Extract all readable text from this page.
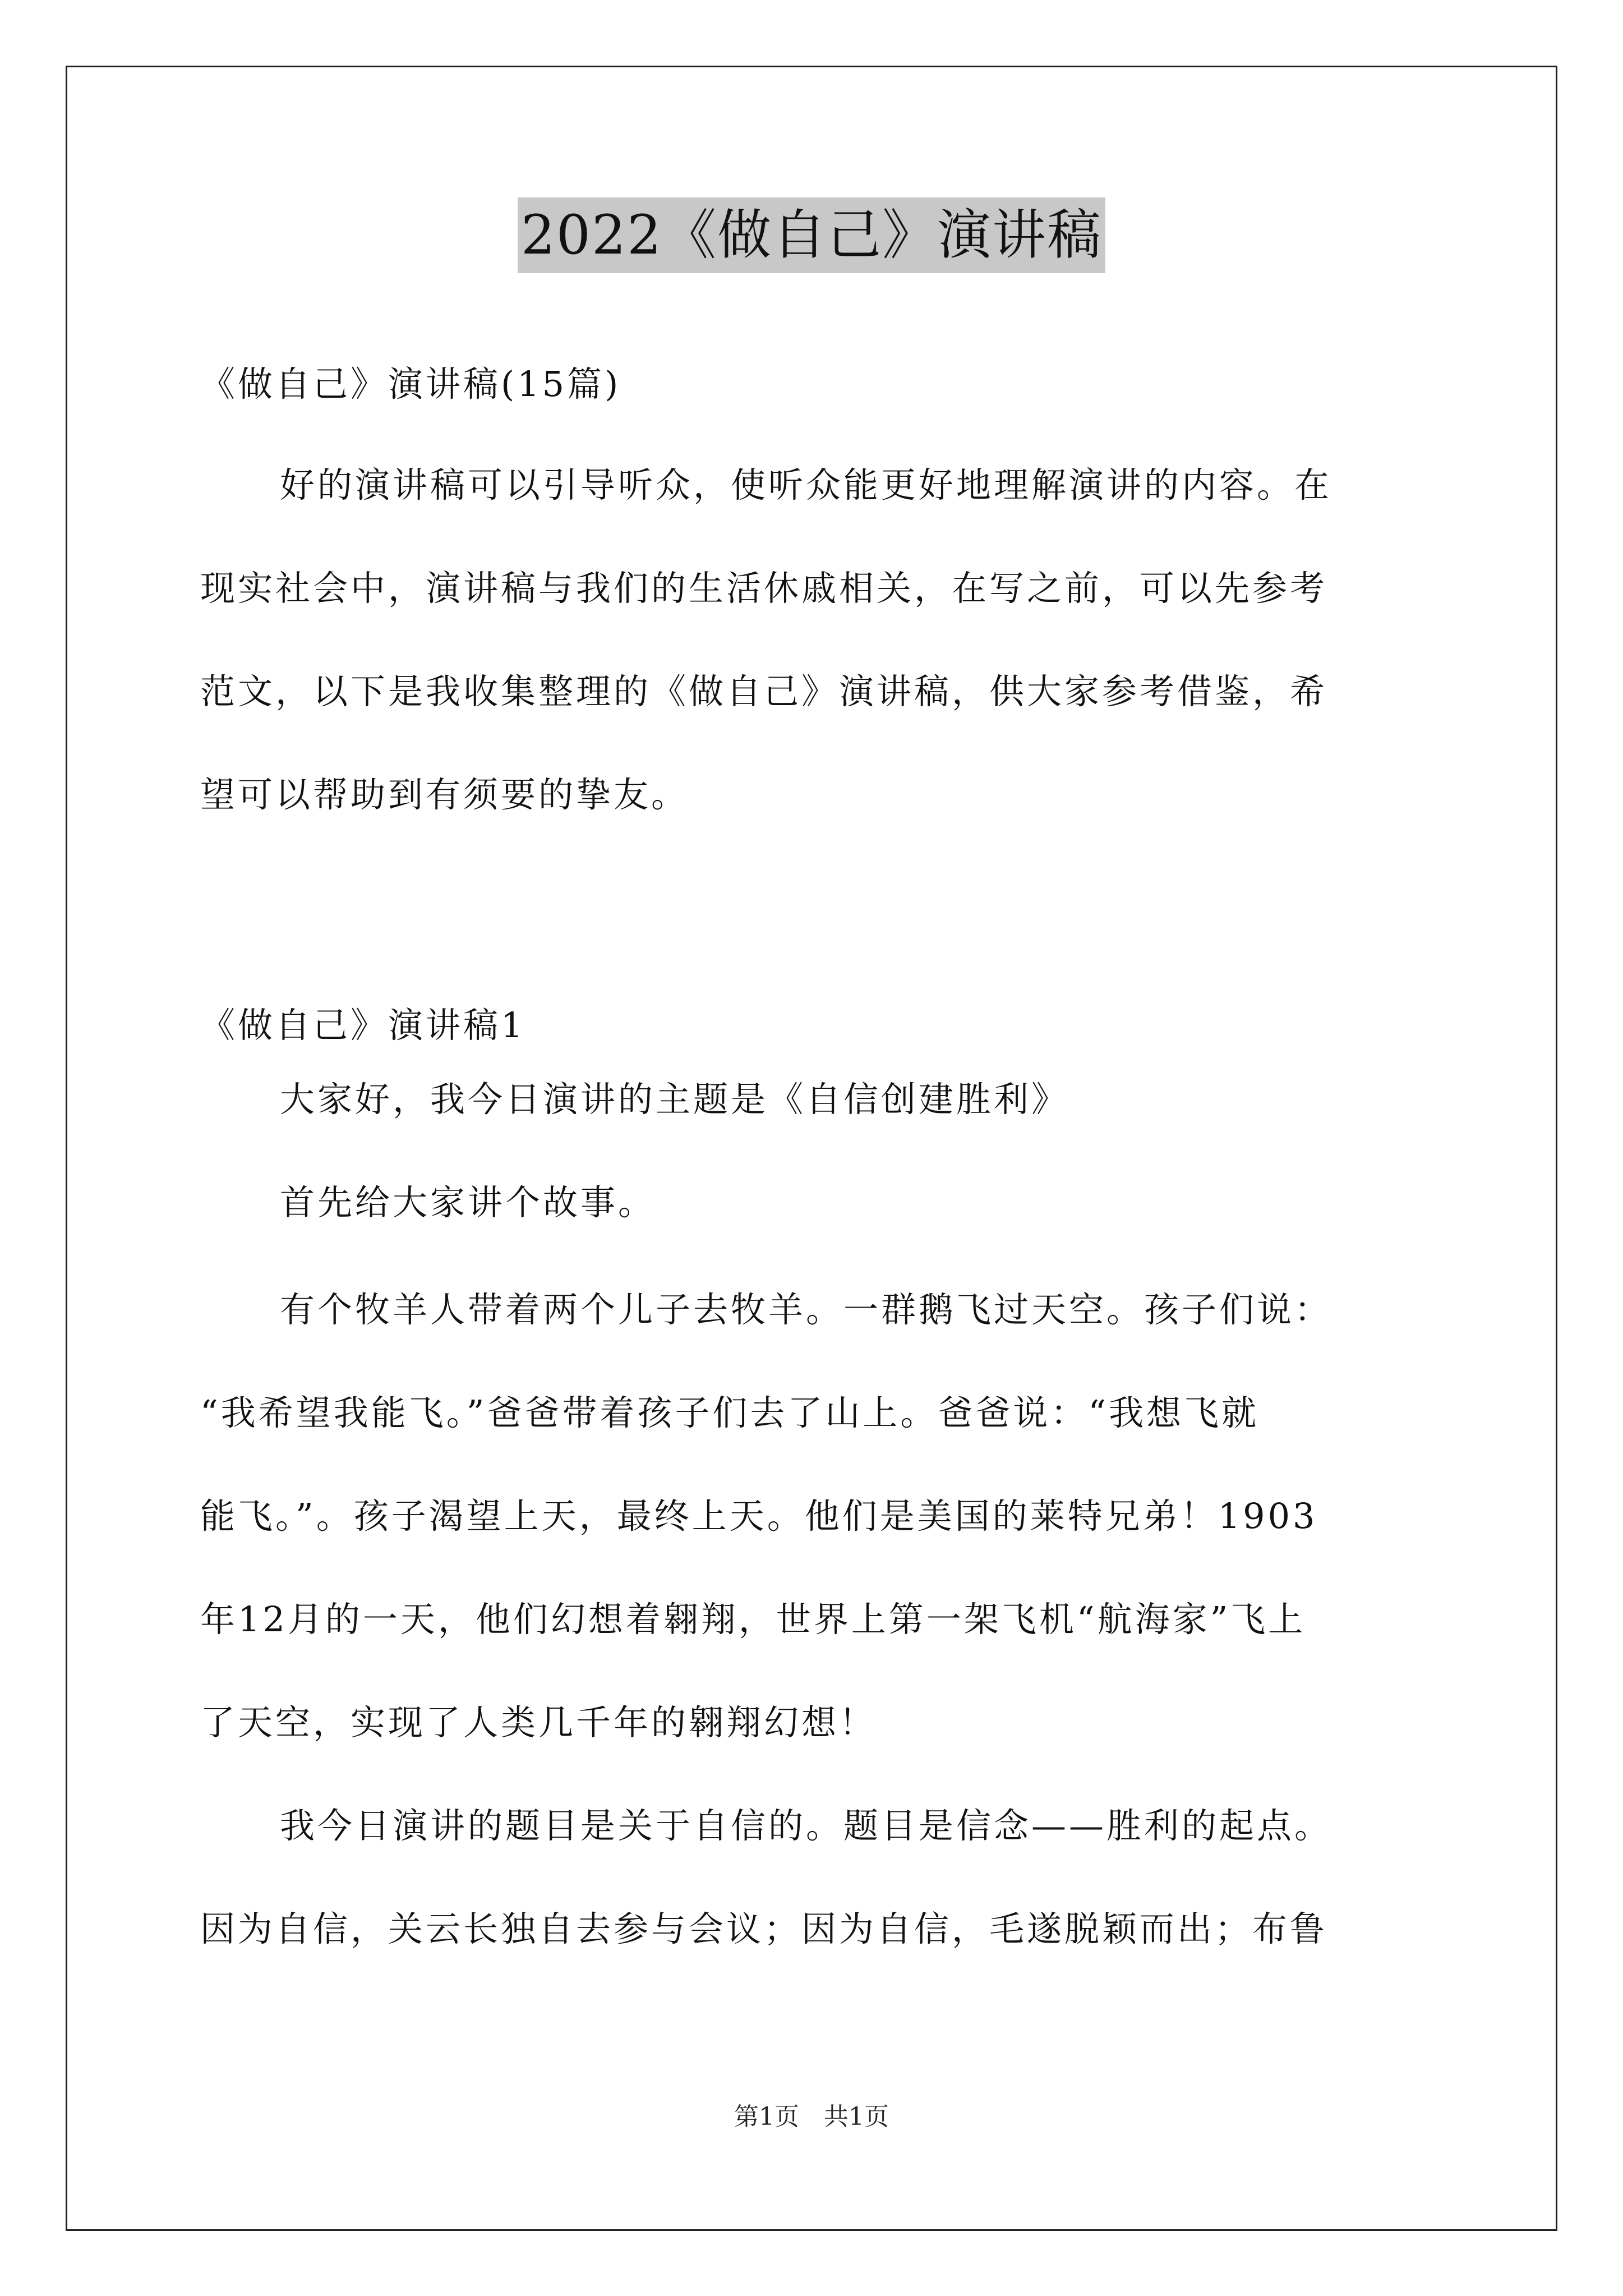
2022《做自己》演讲稿
《做自己》演讲稿(15篇)
好的演讲稿可以引导听众，使听众能更好地理解演讲的内容。在
现实社会中，演讲稿与我们的生活休戚相关，在写之前，可以先参考
范文，以下是我收集整理的《做自己》演讲稿，供大家参考借鉴，希
望可以帮助到有须要的挚友。
《做自己》演讲稿1
大家好，我今日演讲的主题是《自信创建胜利》
首先给大家讲个故事。
有个牧羊人带着两个儿子去牧羊。一群鹅飞过天空。孩子们说：
“我希望我能飞。”爸爸带着孩子们去了山上。爸爸说：“我想飞就
能飞。”。孩子渴望上天，最终上天。他们是美国的莱特兄弟！1903
年12月的一天，他们幻想着翱翔，世界上第一架飞机“航海家”飞上
了天空，实现了人类几千年的翱翔幻想！
我今日演讲的题目是关于自信的。题目是信念——胜利的起点。
因为自信，关云长独自去参与会议；因为自信，毛遂脱颖而出；布鲁
第1页　共1页
